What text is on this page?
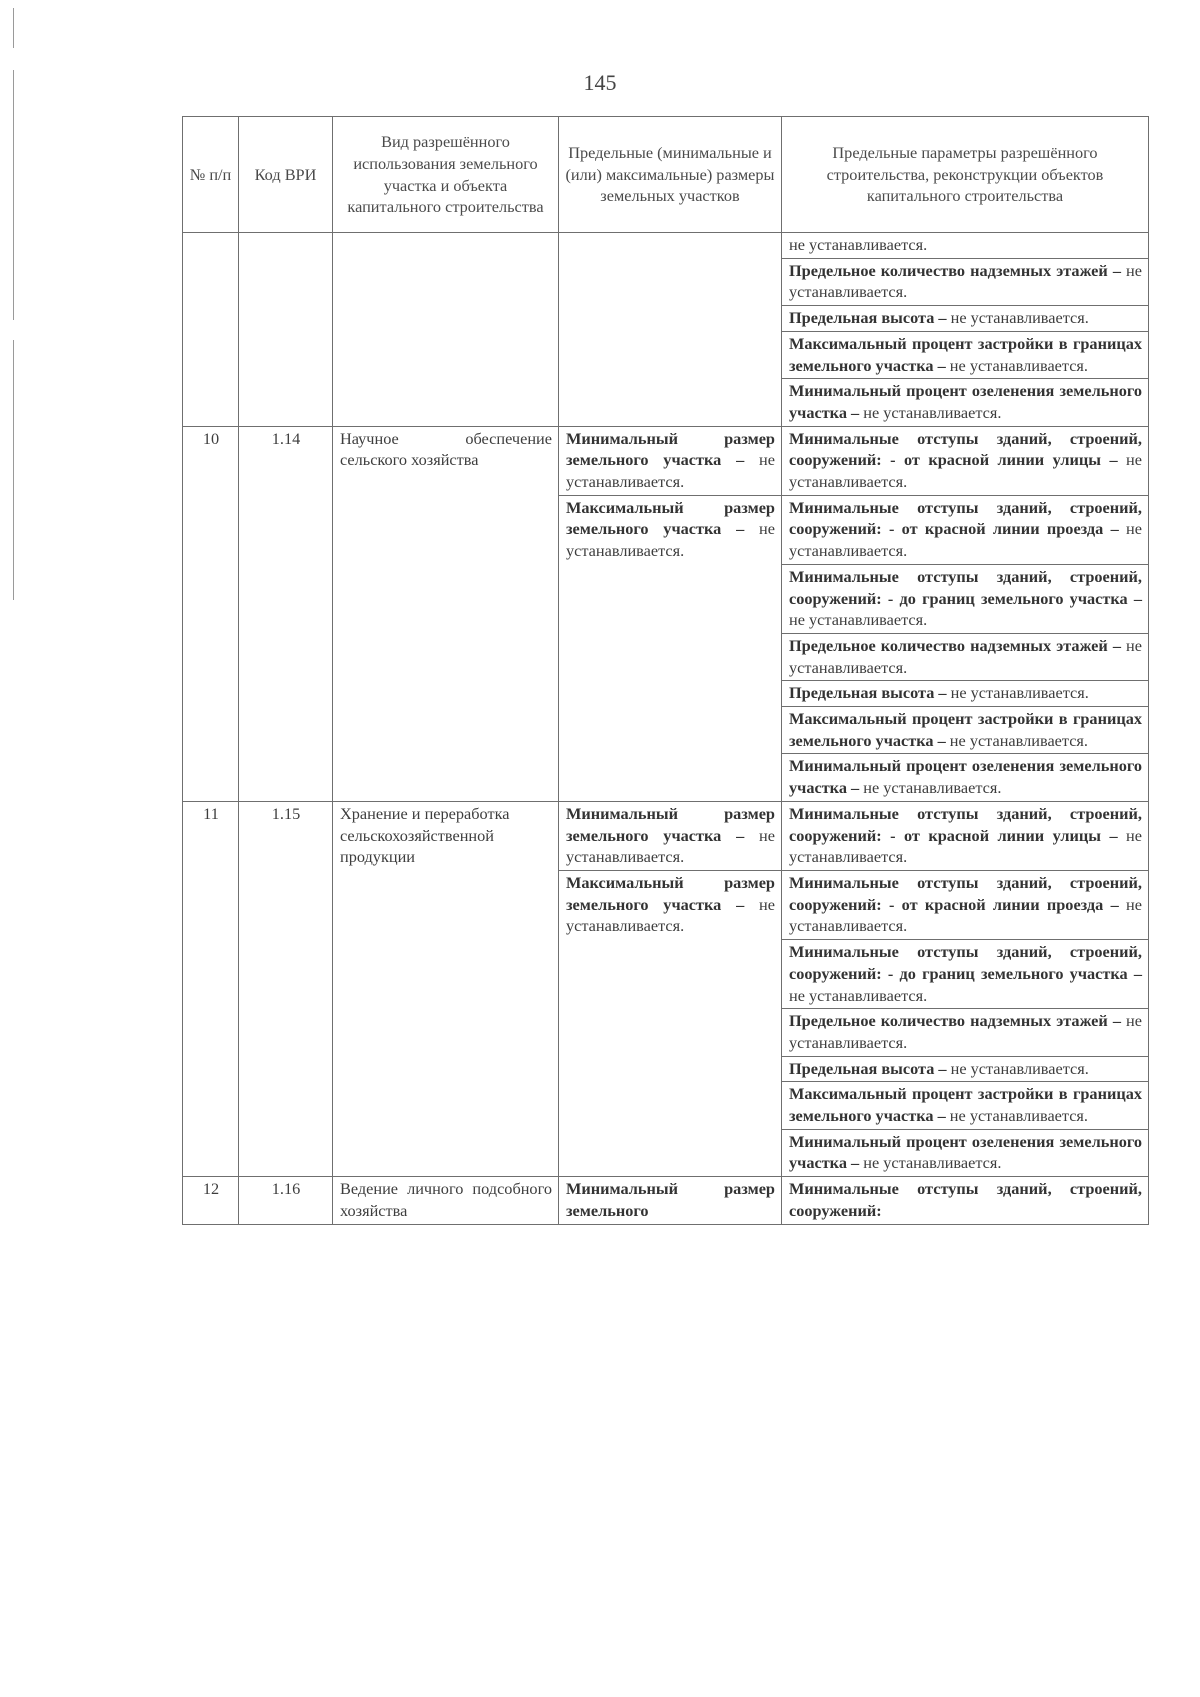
145
№ п/п	Код ВРИ	Вид разрешённого использования земельного участка и объекта капитального строительства	Предельные (минимальные и (или) максимальные) размеры земельных участков	Предельные параметры разрешённого строительства, реконструкции объектов капитального строительства

				не устанавливается.

				Предельное количество надземных этажей – не устанавливается.

				Предельная высота – не устанавливается.

				Максимальный процент застройки в границах земельного участка – не устанавливается.

				Минимальный процент озеленения земельного участка – не устанавливается.

10	1.14	Научное обеспечение сельского хозяйства	Минимальный размер земельного участка – не устанавливается.	Минимальные отступы зданий, строений, сооружений: - от красной линии улицы – не устанавливается.

			Максимальный размер земельного участка – не устанавливается.	Минимальные отступы зданий, строений, сооружений: - от красной линии проезда – не устанавливается.

				Минимальные отступы зданий, строений, сооружений: - до границ земельного участка – не устанавливается.

				Предельное количество надземных этажей – не устанавливается.

				Предельная высота – не устанавливается.

				Максимальный процент застройки в границах земельного участка – не устанавливается.

				Минимальный процент озеленения земельного участка – не устанавливается.

11	1.15	Хранение и переработка сельскохозяйственной продукции	Минимальный размер земельного участка – не устанавливается.	Минимальные отступы зданий, строений, сооружений: - от красной линии улицы – не устанавливается.

			Максимальный размер земельного участка – не устанавливается.	Минимальные отступы зданий, строений, сооружений: - от красной линии проезда – не устанавливается.

				Минимальные отступы зданий, строений, сооружений: - до границ земельного участка – не устанавливается.

				Предельное количество надземных этажей – не устанавливается.

				Предельная высота – не устанавливается.

				Максимальный процент застройки в границах земельного участка – не устанавливается.

				Минимальный процент озеленения земельного участка – не устанавливается.

12	1.16	Ведение личного подсобного хозяйства	Минимальный размер земельного	Минимальные отступы зданий, строений, сооружений:
